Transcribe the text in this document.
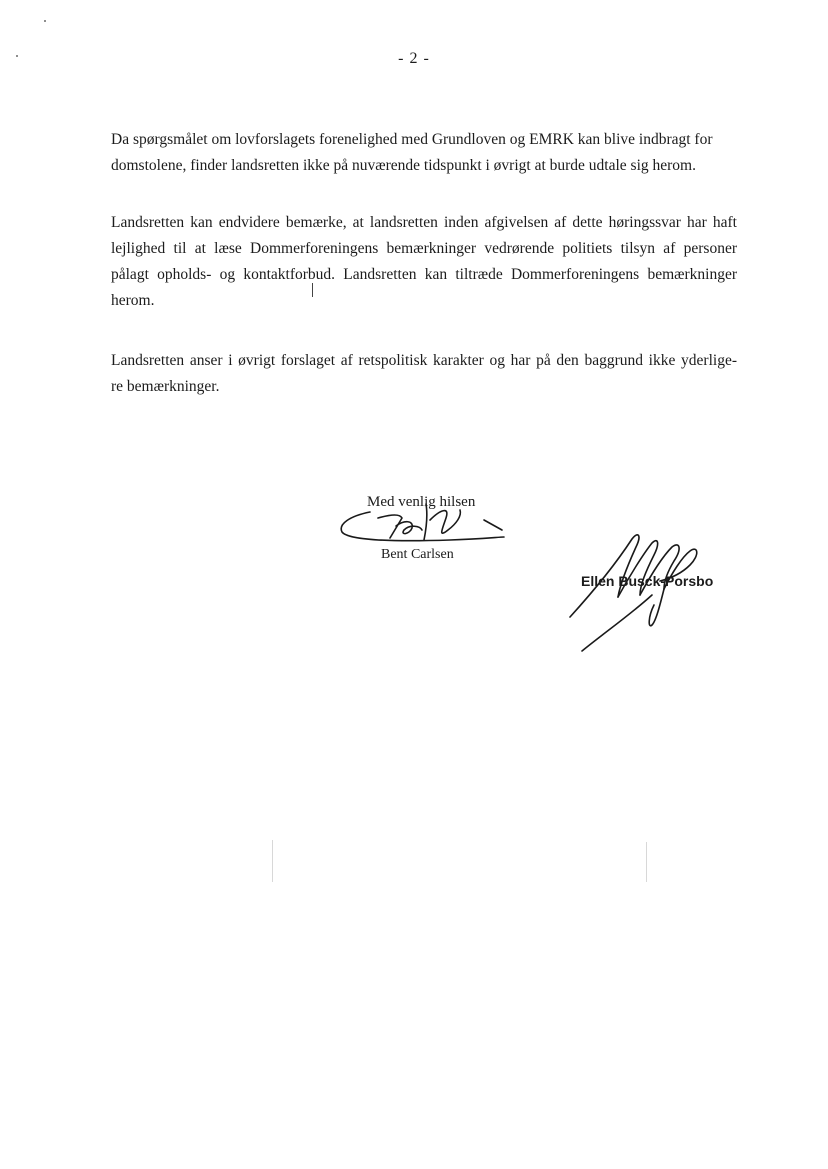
- 2 -
Da spørgsmålet om lovforslagets forenelighed med Grundloven og EMRK kan blive indbragt for
domstolene, finder landsretten ikke på nuværende tidspunkt i øvrigt at burde udtale sig herom.
Landsretten kan endvidere bemærke, at landsretten inden afgivelsen af dette høringssvar har haft
lejlighed til at læse Dommerforeningens bemærkninger vedrørende politiets tilsyn af personer
pålagt opholds- og kontaktforbud. Landsretten kan tiltræde Dommerforeningens bemærkninger
herom.
Landsretten anser i øvrigt forslaget af retspolitisk karakter og har på den baggrund ikke yderlige-
re bemærkninger.
Med venlig hilsen
Bent Carlsen
Ellen Busck-Porsbo
